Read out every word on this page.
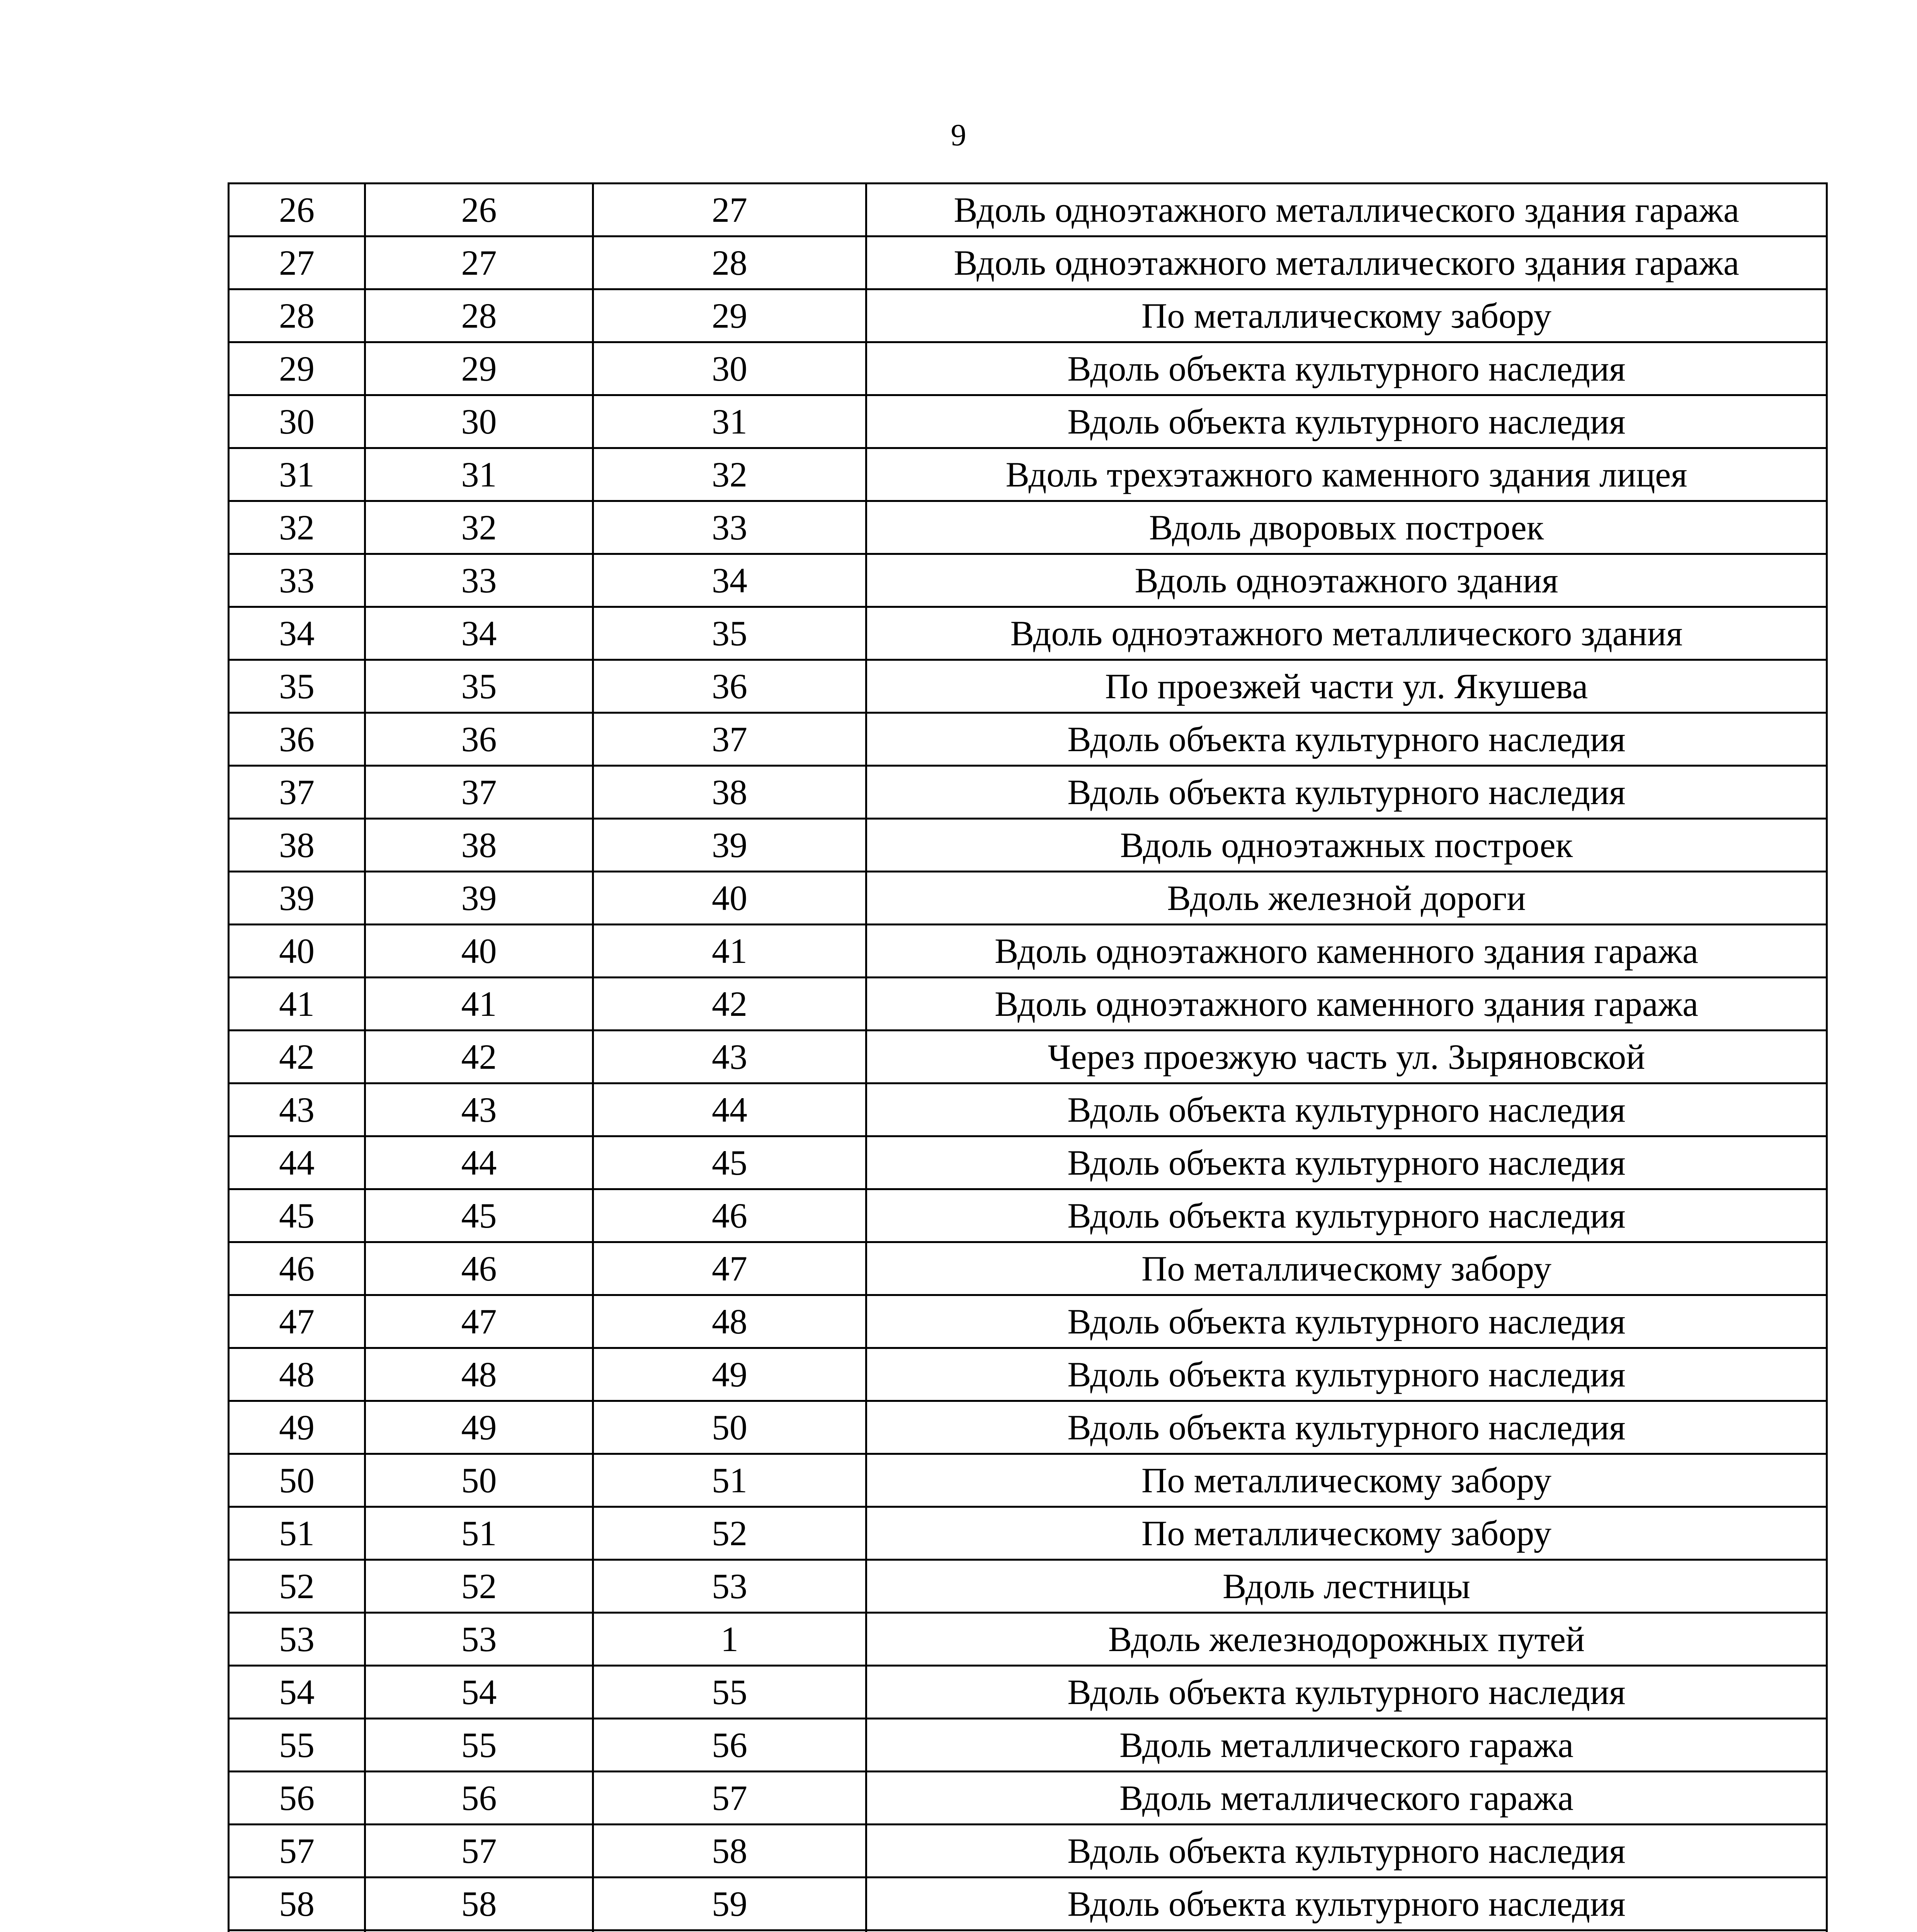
9
26	26	27	Вдоль одноэтажного металлического здания гаража
27	27	28	Вдоль одноэтажного металлического здания гаража
28	28	29	По металлическому забору
29	29	30	Вдоль объекта культурного наследия
30	30	31	Вдоль объекта культурного наследия
31	31	32	Вдоль трехэтажного каменного здания лицея
32	32	33	Вдоль дворовых построек
33	33	34	Вдоль одноэтажного здания
34	34	35	Вдоль одноэтажного металлического здания
35	35	36	По проезжей части ул. Якушева
36	36	37	Вдоль объекта культурного наследия
37	37	38	Вдоль объекта культурного наследия
38	38	39	Вдоль одноэтажных построек
39	39	40	Вдоль железной дороги
40	40	41	Вдоль одноэтажного каменного здания гаража
41	41	42	Вдоль одноэтажного каменного здания гаража
42	42	43	Через проезжую часть ул. Зыряновской
43	43	44	Вдоль объекта культурного наследия
44	44	45	Вдоль объекта культурного наследия
45	45	46	Вдоль объекта культурного наследия
46	46	47	По металлическому забору
47	47	48	Вдоль объекта культурного наследия
48	48	49	Вдоль объекта культурного наследия
49	49	50	Вдоль объекта культурного наследия
50	50	51	По металлическому забору
51	51	52	По металлическому забору
52	52	53	Вдоль лестницы
53	53	1	Вдоль железнодорожных путей
54	54	55	Вдоль объекта культурного наследия
55	55	56	Вдоль металлического гаража
56	56	57	Вдоль металлического гаража
57	57	58	Вдоль объекта культурного наследия
58	58	59	Вдоль объекта культурного наследия
